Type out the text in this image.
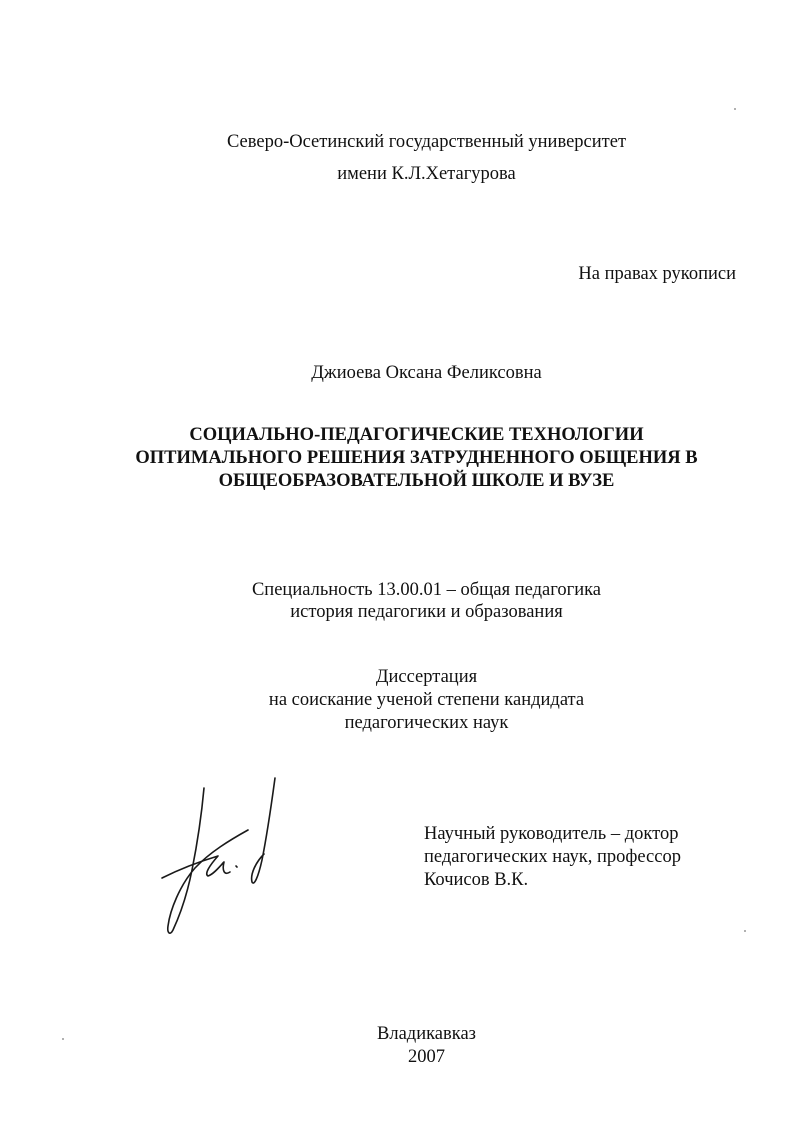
Северо-Осетинский государственный университет
имени К.Л.Хетагурова
На правах рукописи
Джиоева Оксана Феликсовна
СОЦИАЛЬНО-ПЕДАГОГИЧЕСКИЕ ТЕХНОЛОГИИ
ОПТИМАЛЬНОГО РЕШЕНИЯ ЗАТРУДНЕННОГО ОБЩЕНИЯ В
ОБЩЕОБРАЗОВАТЕЛЬНОЙ ШКОЛЕ И ВУЗЕ
Специальность 13.00.01 – общая педагогика
история педагогики и образования
Диссертация
на соискание ученой степени кандидата
педагогических наук
Научный руководитель – доктор
педагогических наук, профессор
Кочисов В.К.
Владикавказ
2007
